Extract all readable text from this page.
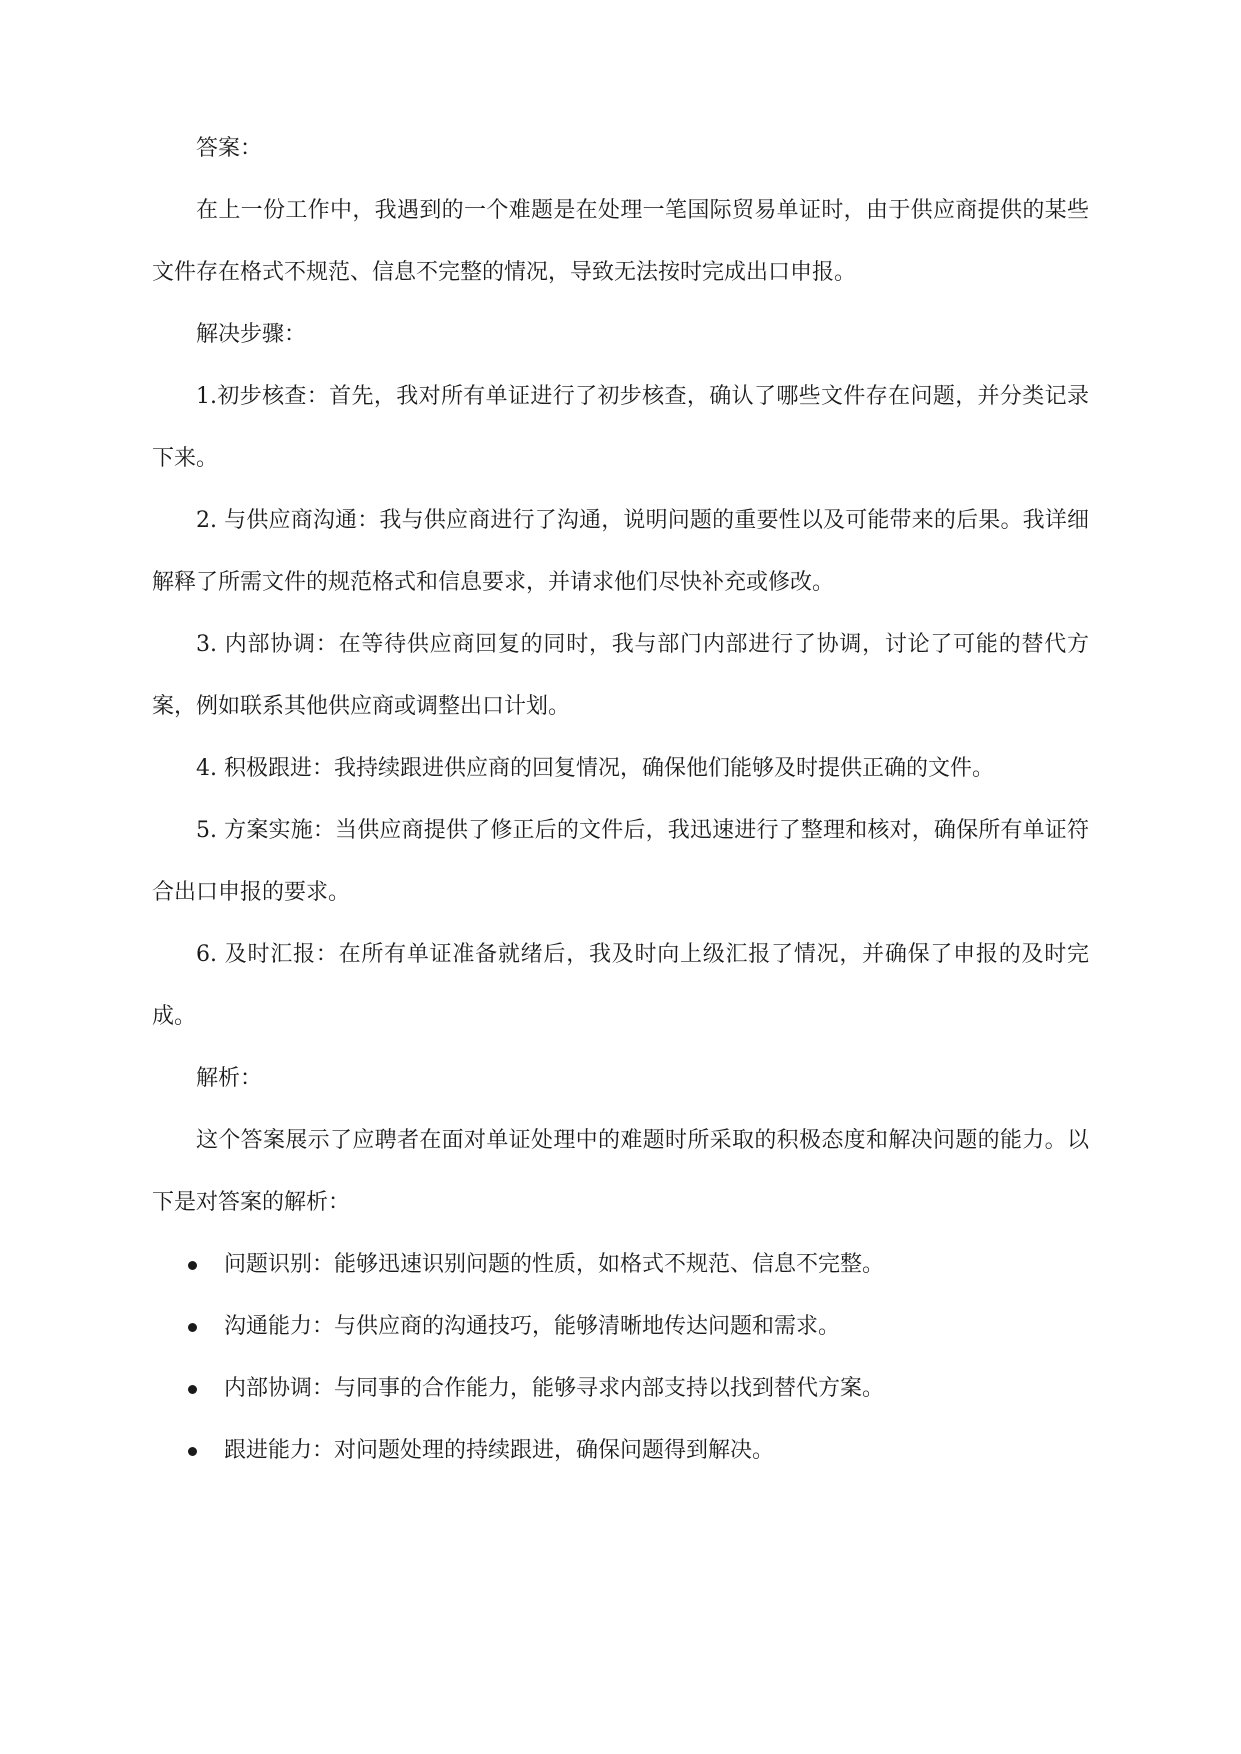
答案：

在上一份工作中，我遇到的一个难题是在处理一笔国际贸易单证时，由于供应商提供的某些文件存在格式不规范、信息不完整的情况，导致无法按时完成出口申报。

解决步骤：

1.初步核查：首先，我对所有单证进行了初步核查，确认了哪些文件存在问题，并分类记录下来。

2. 与供应商沟通：我与供应商进行了沟通，说明问题的重要性以及可能带来的后果。我详细解释了所需文件的规范格式和信息要求，并请求他们尽快补充或修改。

3. 内部协调：在等待供应商回复的同时，我与部门内部进行了协调，讨论了可能的替代方案，例如联系其他供应商或调整出口计划。

4. 积极跟进：我持续跟进供应商的回复情况，确保他们能够及时提供正确的文件。

5. 方案实施：当供应商提供了修正后的文件后，我迅速进行了整理和核对，确保所有单证符合出口申报的要求。

6. 及时汇报：在所有单证准备就绪后，我及时向上级汇报了情况，并确保了申报的及时完成。

解析：

这个答案展示了应聘者在面对单证处理中的难题时所采取的积极态度和解决问题的能力。以下是对答案的解析：

问题识别：能够迅速识别问题的性质，如格式不规范、信息不完整。
沟通能力：与供应商的沟通技巧，能够清晰地传达问题和需求。
内部协调：与同事的合作能力，能够寻求内部支持以找到替代方案。
跟进能力：对问题处理的持续跟进，确保问题得到解决。
